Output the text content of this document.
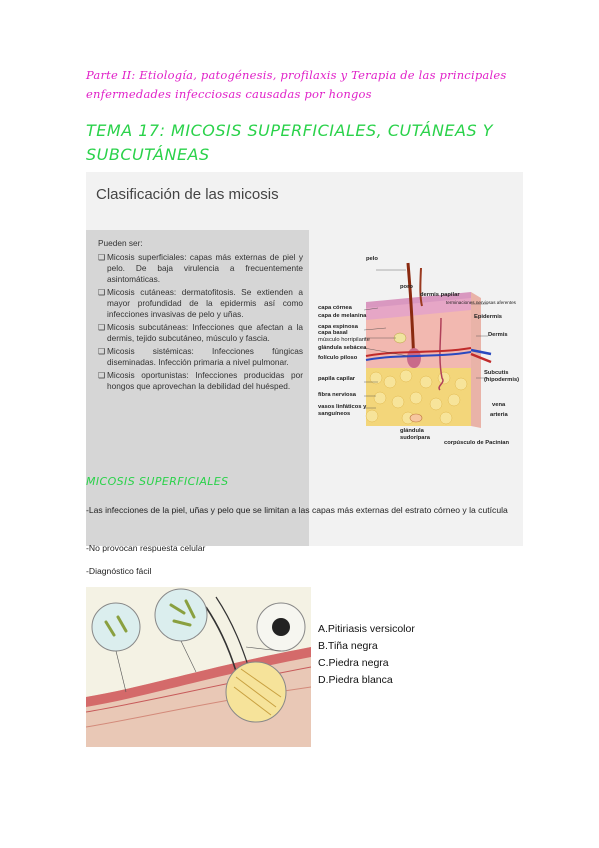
Parte II: Etiología, patogénesis, profilaxis y Terapia de las principales enfermedades infecciosas causadas por hongos
TEMA 17: MICOSIS SUPERFICIALES, CUTÁNEAS Y SUBCUTÁNEAS
Clasificación de las micosis
Pueden ser:
❑ Micosis superficiales: capas más externas de piel y pelo. De baja virulencia a frecuentemente asintomáticas.
❑ Micosis cutáneas: dermatofitosis. Se extienden a mayor profundidad de la epidermis así como infecciones invasivas de pelo y uñas.
❑ Micosis subcutáneas: Infecciones que afectan a la dermis, tejido subcutáneo, músculo y fascia.
❑ Micosis sistémicas: Infecciones fúngicas diseminadas. Infección primaria a nivel pulmonar.
❑ Micosis oportunistas: Infecciones producidas por hongos que aprovechan la debilidad del huésped.
pelo
poro
dermis papilar
terminaciones nerviosas aferentes
capa córnea
capa de melanina	Epidermis
capa espinosa
capa basal
músculo horripilante
Dermis
glándula sebácea
folículo piloso
papila capilar
Subcutis (hipodermis)
fibra nerviosa
vena
vasos linfáticos y sanguíneos	arteria
glándula sudorípara
corpúsculo de Pacinian
MICOSIS SUPERFICIALES
-Las infecciones de la piel, uñas y pelo que se limitan a las capas más externas del estrato córneo y la cutícula
-No provocan respuesta celular
-Diagnóstico fácil
A.Pitiriasis versicolor
B.Tiña negra
C.Piedra negra
D.Piedra blanca
